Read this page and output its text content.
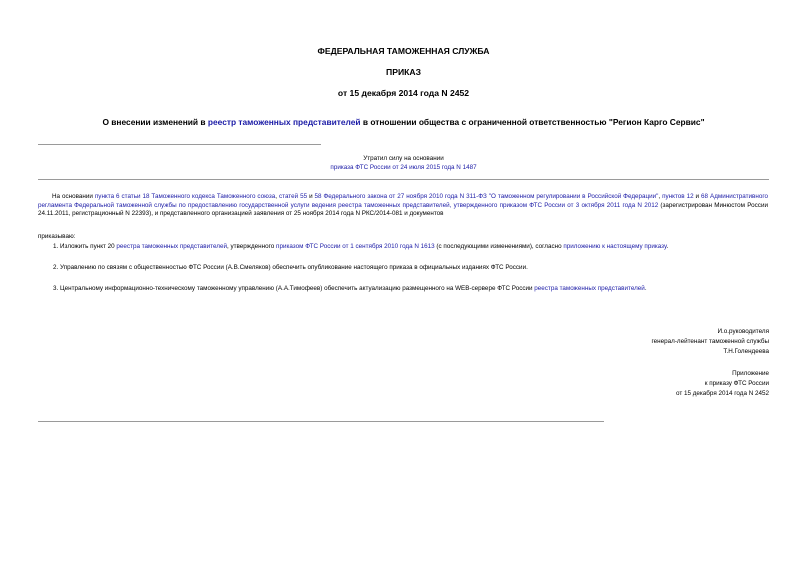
ФЕДЕРАЛЬНАЯ ТАМОЖЕННАЯ СЛУЖБА
ПРИКАЗ
от 15 декабря 2014 года N 2452
О внесении изменений в реестр таможенных представителей в отношении общества с ограниченной ответственностью "Регион Карго Сервис"
Утратил силу на основании
приказа ФТС России от 24 июля 2015 года N 1487
На основании пункта 6 статьи 18 Таможенного кодекса Таможенного союза, статей 55 и 58 Федерального закона от 27 ноября 2010 года N 311-ФЗ "О таможенном регулировании в Российской Федерации", пунктов 12 и 68 Административного регламента Федеральной таможенной службы по предоставлению государственной услуги ведения реестра таможенных представителей, утвержденного приказом ФТС России от 3 октября 2011 года N 2012 (зарегистрирован Минюстом России 24.11.2011, регистрационный N 22393), и представленного организацией заявления от 25 ноября 2014 года N РКС/2014-081 и документов
приказываю:
1. Изложить пункт 20 реестра таможенных представителей, утвержденного приказом ФТС России от 1 сентября 2010 года N 1613 (с последующими изменениями), согласно приложению к настоящему приказу.
2. Управлению по связям с общественностью ФТС России (А.В.Смеляков) обеспечить опубликование настоящего приказа в официальных изданиях ФТС России.
3. Центральному информационно-техническому таможенному управлению (А.А.Тимофеев) обеспечить актуализацию размещенного на WEB-сервере ФТС России реестра таможенных представителей.
И.о.руководителя
генерал-лейтенант таможенной службы
Т.Н.Голендеева
Приложение
к приказу ФТС России
от 15 декабря 2014 года N 2452
